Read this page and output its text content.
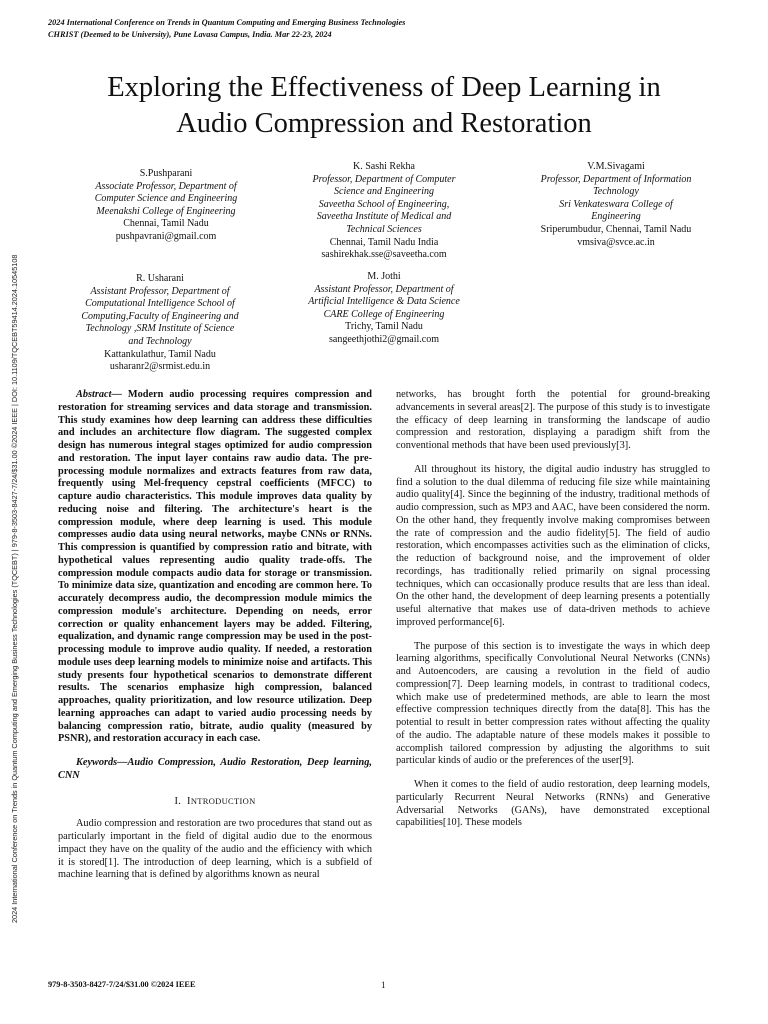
2024 International Conference on Trends in Quantum Computing and Emerging Business Technologies
CHRIST (Deemed to be University), Pune Lavasa Campus, India. Mar 22-23, 2024
2024 International Conference on Trends in Quantum Computing and Emerging Business Technologies (TQCEBT) | 979-8-3503-8427-7/24/$31.00 ©2024 IEEE | DOI: 10.1109/TQCEBT59414.2024.10545108
Exploring the Effectiveness of Deep Learning in
Audio Compression and Restoration
S.Pushparani
Associate Professor, Department of
Computer Science and Engineering
Meenakshi College of Engineering
Chennai, Tamil Nadu
pushpavrani@gmail.com
K. Sashi Rekha
Professor, Department of Computer
Science and Engineering
Saveetha School of Engineering,
Saveetha Institute of Medical and
Technical Sciences
Chennai, Tamil Nadu India
sashirekhak.sse@saveetha.com
V.M.Sivagami
Professor, Department of Information
Technology
Sri Venkateswara College of
Engineering
Sriperumbudur, Chennai, Tamil Nadu
vmsiva@svce.ac.in
R. Usharani
Assistant Professor, Department of
Computational Intelligence School of
Computing,Faculty of Engineering and
Technology ,SRM Institute of Science
and Technology
Kattankulathur, Tamil Nadu
usharanr2@srmist.edu.in
M. Jothi
Assistant Professor, Department of
Artificial Intelligence & Data Science
CARE College of Engineering
Trichy, Tamil Nadu
sangeethjothi2@gmail.com

Abstract— Modern audio processing requires compression and restoration for streaming services and data storage and transmission. This study examines how deep learning can address these difficulties and includes an architecture flow diagram. The suggested complex design has numerous integral stages optimized for audio compression and restoration. The input layer contains raw audio data. The pre-processing module normalizes and extracts features from raw data, frequently using Mel-frequency cepstral coefficients (MFCC) to capture audio characteristics. This module improves data quality by reducing noise and filtering. The architecture's heart is the compression module, where deep learning is used. This module compresses audio data using neural networks, maybe CNNs or RNNs. This compression is quantified by compression ratio and bitrate, with hypothetical values representing audio quality trade-offs. The compression module compacts audio data for storage or transmission. To minimize data size, quantization and encoding are common here. To accurately decompress audio, the decompression module mimics the compression module's architecture. Depending on needs, error correction or quality enhancement layers may be added. Filtering, equalization, and dynamic range compression may be used in the post-processing module to improve audio quality. If needed, a restoration module uses deep learning models to minimize noise and artifacts. This study presents four hypothetical scenarios to demonstrate different results. The scenarios emphasize high compression, balanced approaches, quality prioritization, and low resource utilization. Deep learning approaches can adapt to varied audio processing needs by balancing compression ratio, bitrate, audio quality (measured by PSNR), and restoration accuracy in each case.

Keywords—Audio Compression, Audio Restoration, Deep learning, CNN

I. INTRODUCTION

Audio compression and restoration are two procedures that stand out as particularly important in the field of digital audio due to the enormous impact they have on the quality of the audio and the efficiency with which it is stored[1]. The introduction of deep learning, which is a subfield of machine learning that is defined by algorithms known as neural

networks, has brought forth the potential for ground-breaking advancements in several areas[2]. The purpose of this study is to investigate the efficacy of deep learning in transforming the landscape of audio compression and restoration, displaying a paradigm shift from the conventional methods that have been used previously[3].

All throughout its history, the digital audio industry has struggled to find a solution to the dual dilemma of reducing file size while maintaining audio quality[4]. Since the beginning of the industry, traditional methods of audio compression, such as MP3 and AAC, have been considered the norm. On the other hand, they frequently involve making compromises between the rate of compression and the audio fidelity[5]. The field of audio restoration, which encompasses activities such as the elimination of clicks, the reduction of background noise, and the improvement of older recordings, has traditionally relied primarily on signal processing techniques, which can occasionally produce results that are less than ideal. On the other hand, the development of deep learning presents a potentially useful alternative that makes use of data-driven methods to achieve improved performance[6].

The purpose of this section is to investigate the ways in which deep learning algorithms, specifically Convolutional Neural Networks (CNNs) and Autoencoders, are causing a revolution in the field of audio compression[7]. Deep learning models, in contrast to traditional codecs, which make use of predetermined methods, are able to learn the most effective compression techniques directly from the data[8]. This has the potential to result in better compression rates without affecting the quality of the audio. The adaptable nature of these models makes it possible to accomplish tailored compression by adjusting the algorithms to suit particular kinds of audio or the preferences of the user[9].

When it comes to the field of audio restoration, deep learning models, particularly Recurrent Neural Networks (RNNs) and Generative Adversarial Networks (GANs), have demonstrated exceptional capabilities[10]. These models

979-8-3503-8427-7/24/$31.00 ©2024 IEEE	1
